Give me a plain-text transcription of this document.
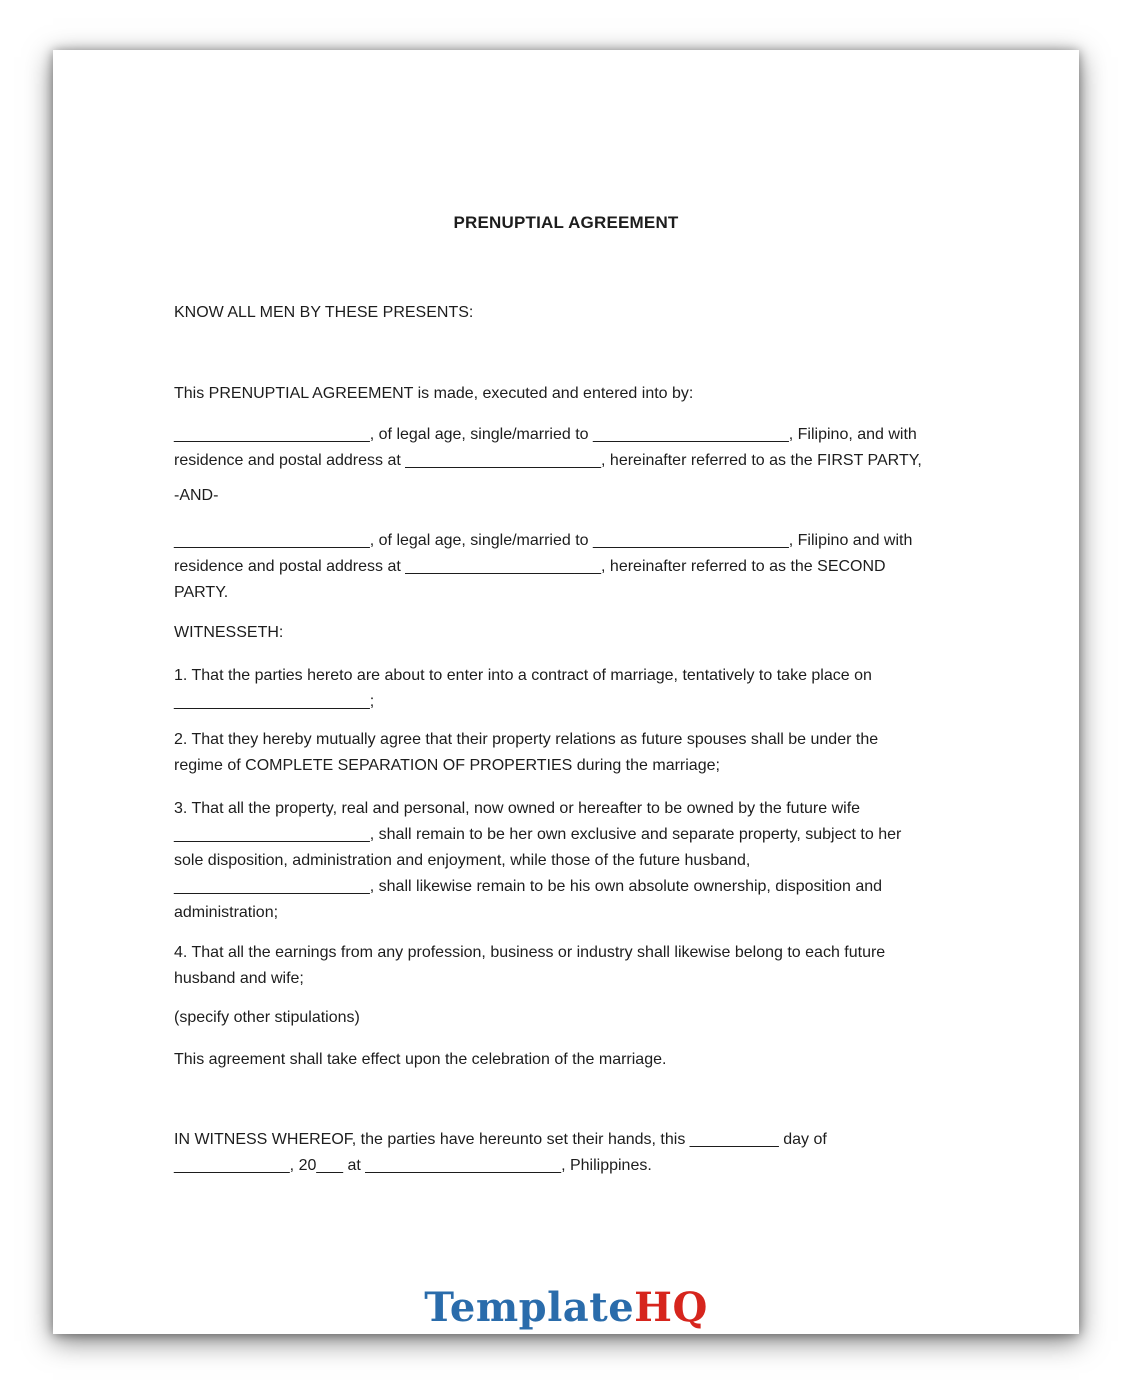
PRENUPTIAL AGREEMENT

KNOW ALL MEN BY THESE PRESENTS:

This PRENUPTIAL AGREEMENT is made, executed and entered into by:

______________________, of legal age, single/married to ______________________, Filipino, and with
residence and postal address at ______________________, hereinafter referred to as the FIRST PARTY,

-AND-

______________________, of legal age, single/married to ______________________, Filipino and with
residence and postal address at ______________________, hereinafter referred to as the SECOND
PARTY.

WITNESSETH:

1. That the parties hereto are about to enter into a contract of marriage, tentatively to take place on
______________________;

2. That they hereby mutually agree that their property relations as future spouses shall be under the
regime of COMPLETE SEPARATION OF PROPERTIES during the marriage;

3. That all the property, real and personal, now owned or hereafter to be owned by the future wife
______________________, shall remain to be her own exclusive and separate property, subject to her
sole disposition, administration and enjoyment, while those of the future husband,
______________________, shall likewise remain to be his own absolute ownership, disposition and
administration;

4. That all the earnings from any profession, business or industry shall likewise belong to each future
husband and wife;

(specify other stipulations)

This agreement shall take effect upon the celebration of the marriage.

IN WITNESS WHEREOF, the parties have hereunto set their hands, this __________ day of
_____________, 20___ at ______________________, Philippines.

TemplateHQ
